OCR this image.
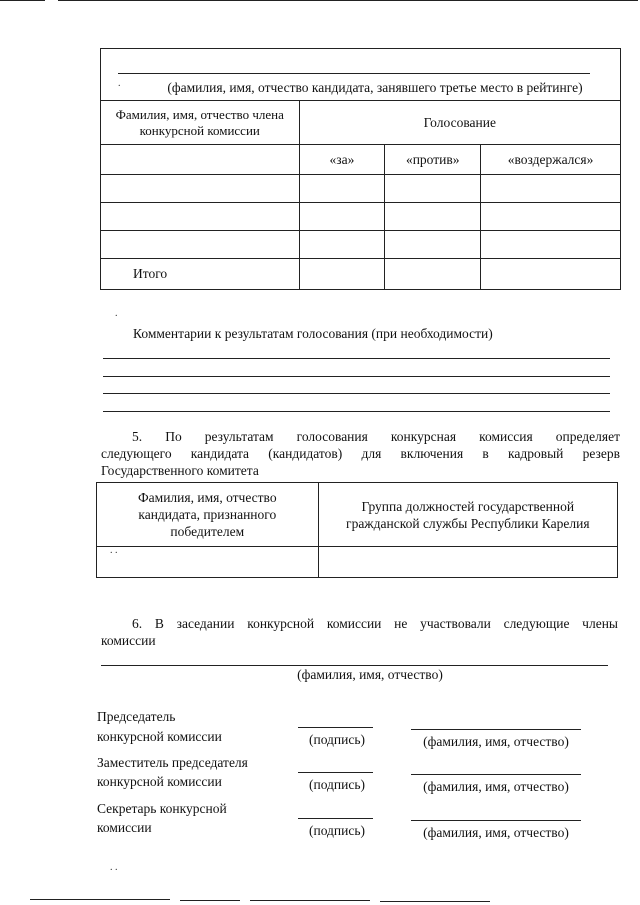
.	(фамилия, имя, отчество кандидата, занявшего третье место в рейтинге)
Фамилия, имя, отчество члена конкурсной комиссии	Голосование		
	«за»	«против»	«воздержался»

Итого			
.
Комментарии к результатам голосования (при необходимости)
5. По результатам голосования конкурсная комиссия определяет
следующего кандидата (кандидатов) для включения в кадровый резерв
Государственного комитета
Фамилия, имя, отчество кандидата, признанного победителем	Группа должностей государственной гражданской службы Республики Карелия

. .
6. В заседании конкурсной комиссии не участвовали следующие члены
комиссии
(фамилия, имя, отчество)
Председатель
конкурсной комиссии	(подпись)	(фамилия, имя, отчество)
Заместитель председателя
конкурсной комиссии	(подпись)	(фамилия, имя, отчество)
Секретарь конкурсной
комиссии	(подпись)	(фамилия, имя, отчество)
. .
